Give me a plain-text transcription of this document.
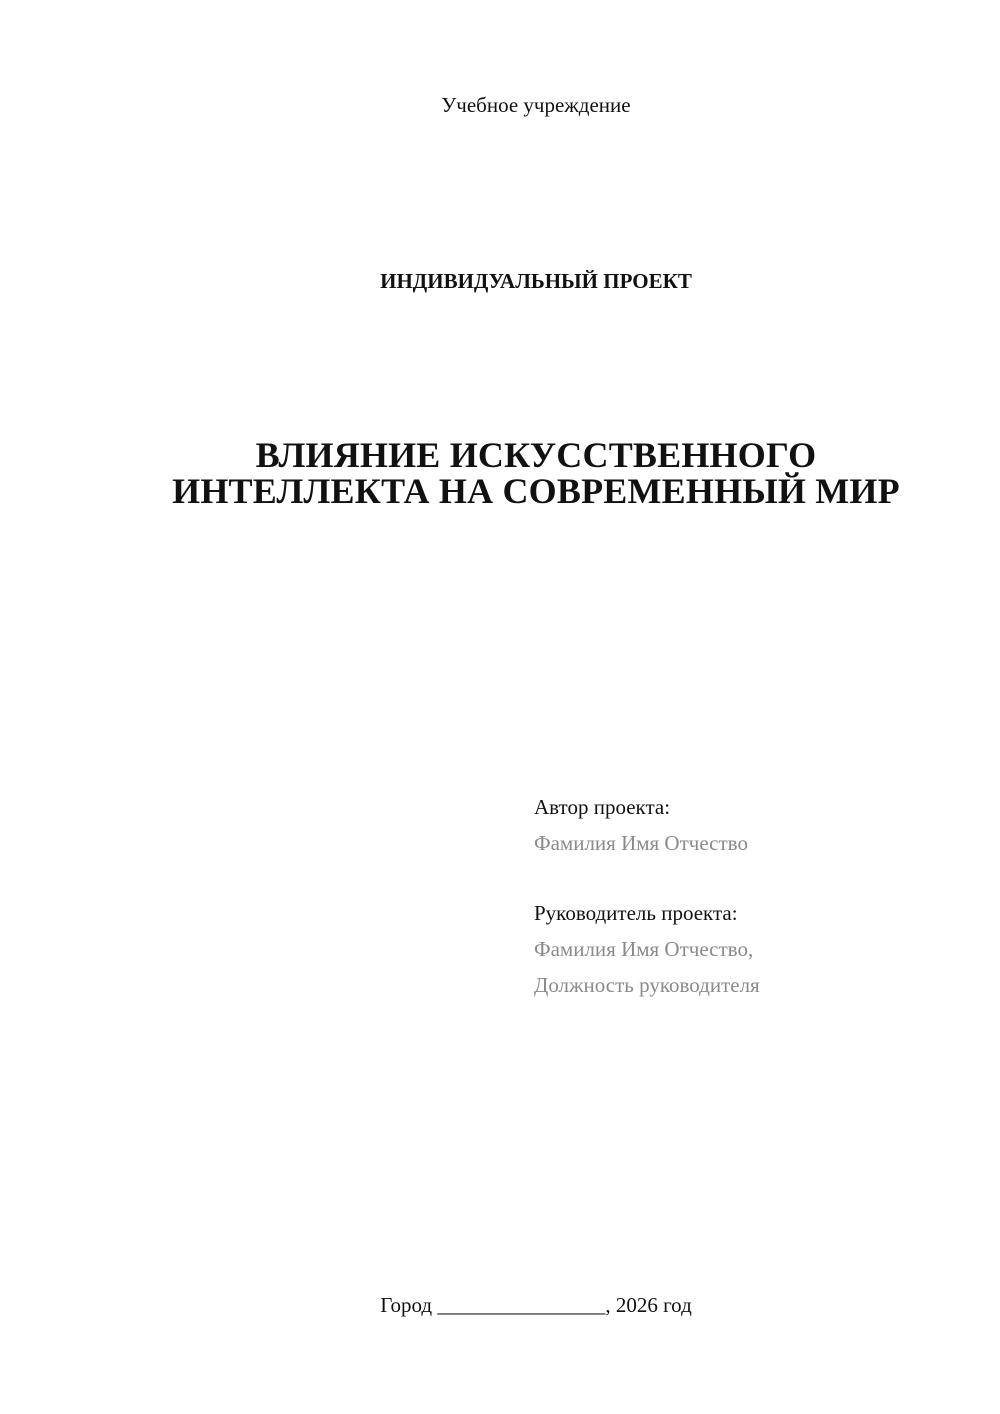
Учебное учреждение
ИНДИВИДУАЛЬНЫЙ ПРОЕКТ
ВЛИЯНИЕ ИСКУССТВЕННОГО
ИНТЕЛЛЕКТА НА СОВРЕМЕННЫЙ МИР
Автор проекта:
Фамилия Имя Отчество
Руководитель проекта:
Фамилия Имя Отчество,
Должность руководителя
Город ________________, 2026 год
